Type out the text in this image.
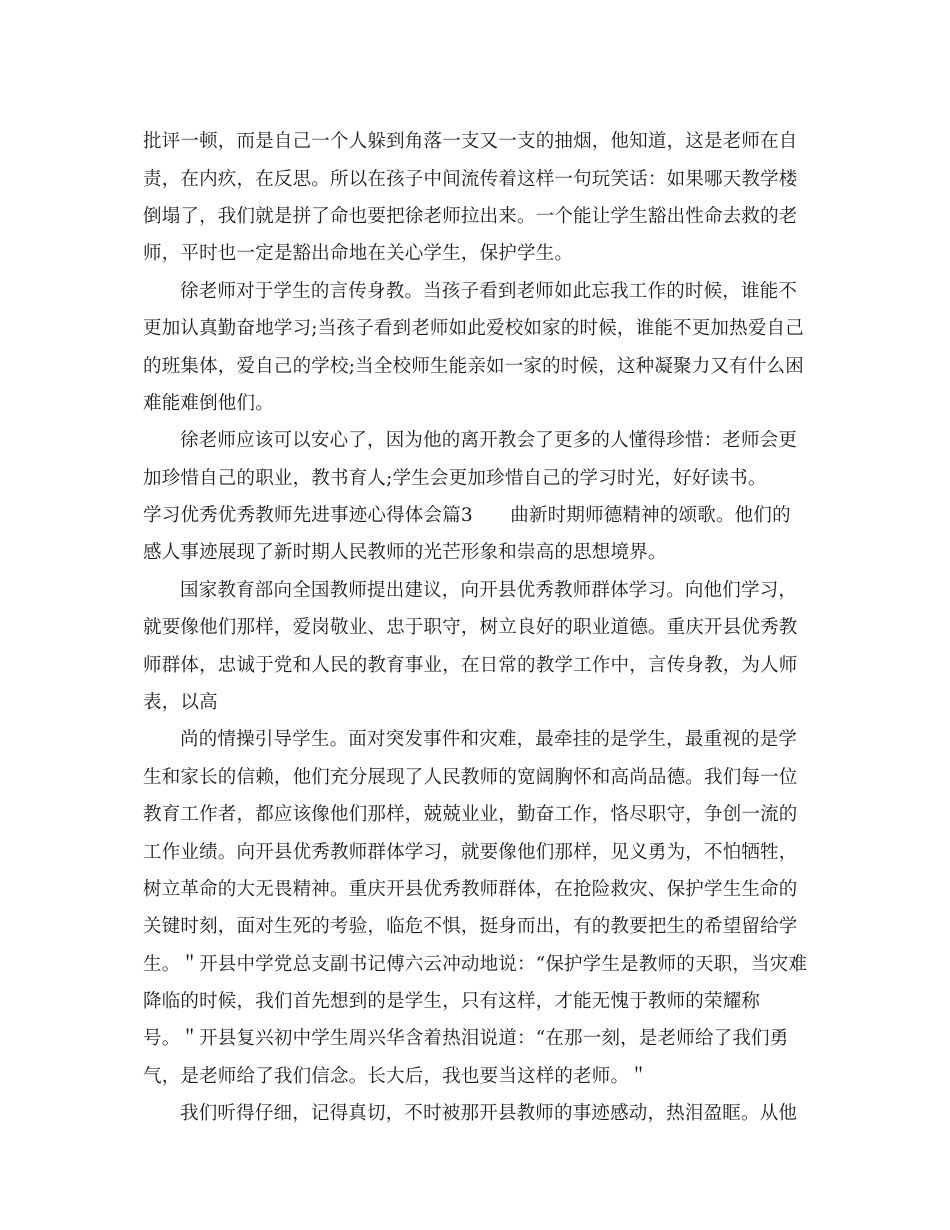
批评一顿，而是自己一个人躲到角落一支又一支的抽烟，他知道，这是老师在自
责，在内疚，在反思。所以在孩子中间流传着这样一句玩笑话：如果哪天教学楼
倒塌了，我们就是拼了命也要把徐老师拉出来。一个能让学生豁出性命去救的老
师，平时也一定是豁出命地在关心学生，保护学生。
徐老师对于学生的言传身教。当孩子看到老师如此忘我工作的时候，谁能不
更加认真勤奋地学习;当孩子看到老师如此爱校如家的时候，谁能不更加热爱自己
的班集体，爱自己的学校;当全校师生能亲如一家的时候，这种凝聚力又有什么困
难能难倒他们。
徐老师应该可以安心了，因为他的离开教会了更多的人懂得珍惜：老师会更
加珍惜自己的职业，教书育人;学生会更加珍惜自己的学习时光，好好读书。
学习优秀优秀教师先进事迹心得体会篇3　　曲新时期师德精神的颂歌。他们的
感人事迹展现了新时期人民教师的光芒形象和崇高的思想境界。
国家教育部向全国教师提出建议，向开县优秀教师群体学习。向他们学习，
就要像他们那样，爱岗敬业、忠于职守，树立良好的职业道德。重庆开县优秀教
师群体，忠诚于党和人民的教育事业，在日常的教学工作中，言传身教，为人师
表，以高
尚的情操引导学生。面对突发事件和灾难，最牵挂的是学生，最重视的是学
生和家长的信赖，他们充分展现了人民教师的宽阔胸怀和高尚品德。我们每一位
教育工作者，都应该像他们那样，兢兢业业，勤奋工作，恪尽职守，争创一流的
工作业绩。向开县优秀教师群体学习，就要像他们那样，见义勇为，不怕牺牲，
树立革命的大无畏精神。重庆开县优秀教师群体，在抢险救灾、保护学生生命的
关键时刻，面对生死的考验，临危不惧，挺身而出，有的教要把生的希望留给学
生。＂开县中学党总支副书记傅六云冲动地说：“保护学生是教师的天职，当灾难
降临的时候，我们首先想到的是学生，只有这样，才能无愧于教师的荣耀称
号。＂开县复兴初中学生周兴华含着热泪说道：“在那一刻，是老师给了我们勇
气，是老师给了我们信念。长大后，我也要当这样的老师。＂
我们听得仔细，记得真切，不时被那开县教师的事迹感动，热泪盈眶。从他
